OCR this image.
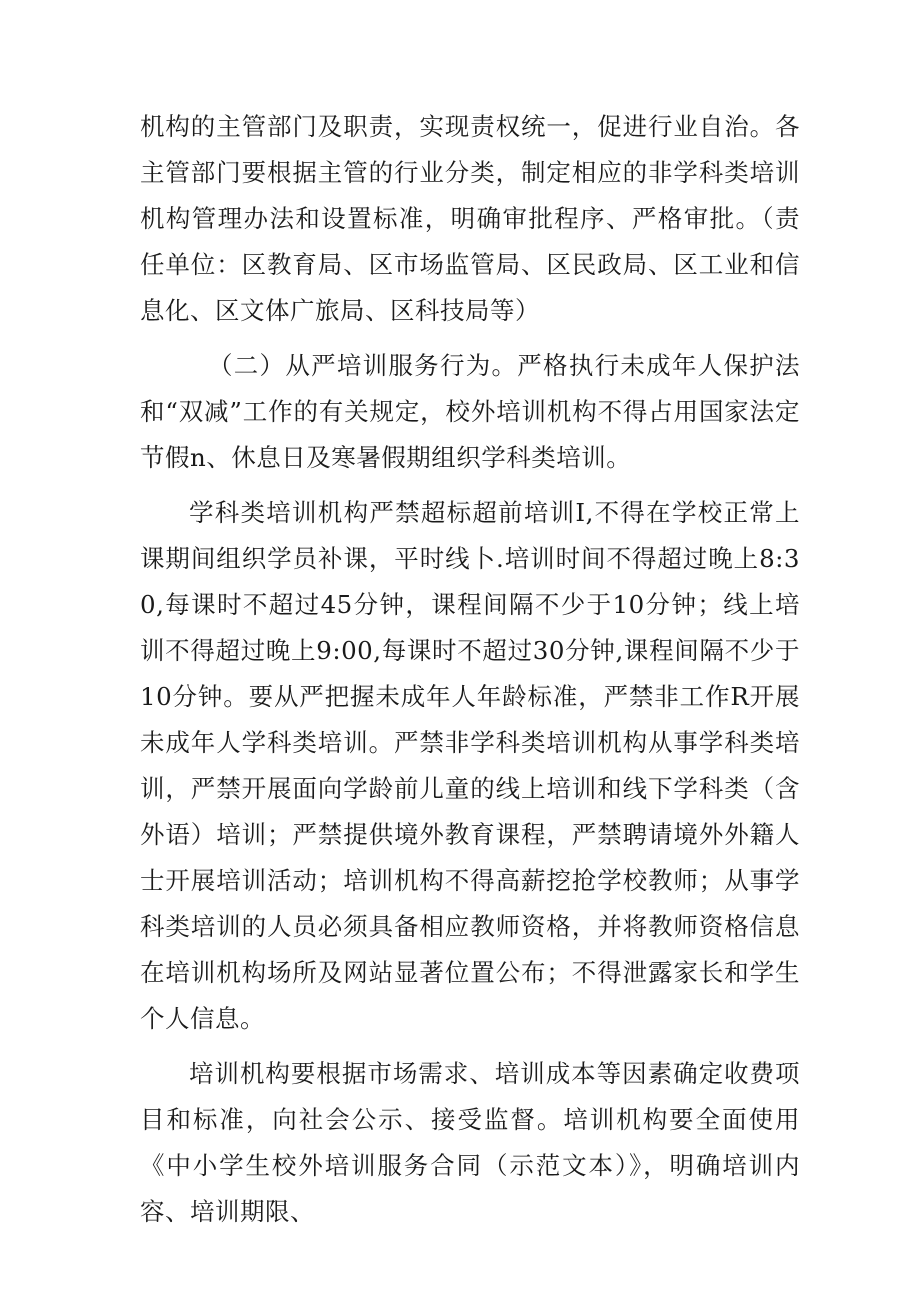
机构的主管部门及职责，实现责权统一，促进行业自治。各主管部门要根据主管的行业分类，制定相应的非学科类培训机构管理办法和设置标准，明确审批程序、严格审批。（责任单位：区教育局、区市场监管局、区民政局、区工业和信息化、区文体广旅局、区科技局等）

（二）从严培训服务行为。严格执行未成年人保护法和“双减”工作的有关规定，校外培训机构不得占用国家法定节假n、休息日及寒暑假期组织学科类培训。

学科类培训机构严禁超标超前培训I,不得在学校正常上课期间组织学员补课，平时线卜.培训时间不得超过晚上8:30,每课时不超过45分钟，课程间隔不少于10分钟；线上培训不得超过晚上9:00,每课时不超过30分钟,课程间隔不少于10分钟。要从严把握未成年人年龄标准，严禁非工作R开展未成年人学科类培训。严禁非学科类培训机构从事学科类培训，严禁开展面向学龄前儿童的线上培训和线下学科类（含外语）培训；严禁提供境外教育课程，严禁聘请境外外籍人士开展培训活动；培训机构不得高薪挖抢学校教师；从事学科类培训的人员必须具备相应教师资格，并将教师资格信息在培训机构场所及网站显著位置公布；不得泄露家长和学生个人信息。

培训机构要根据市场需求、培训成本等因素确定收费项目和标准，向社会公示、接受监督。培训机构要全面使用《中小学生校外培训服务合同（示范文本）》，明确培训内容、培训期限、
